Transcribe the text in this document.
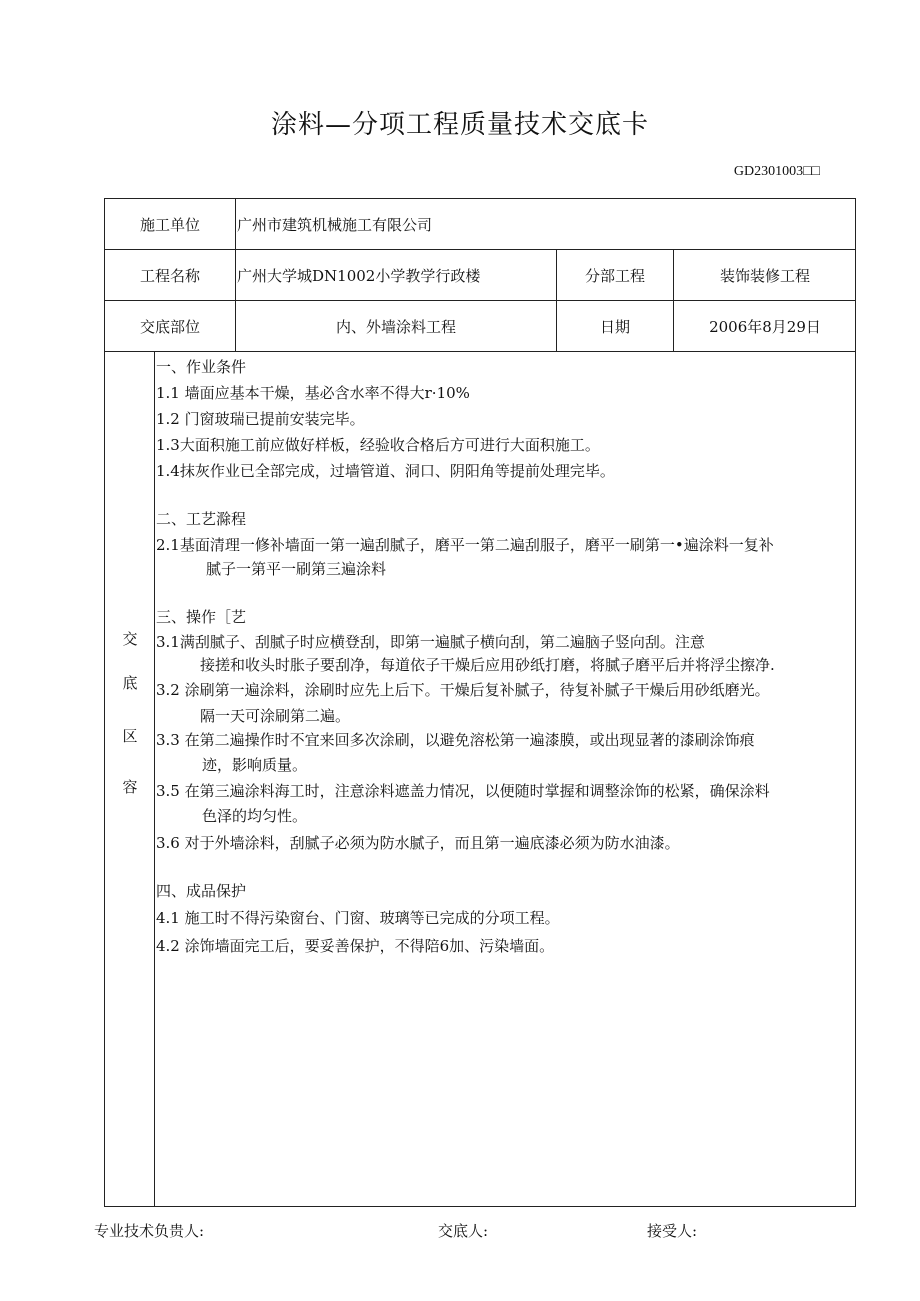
涂料—分项工程质量技术交底卡
GD2301003□□
施工单位	广州市建筑机械施工有限公司
工程名称	广州大学城DN1002小学教学行政楼	分部工程	装饰装修工程
交底部位	内、外墙涂料工程	日期	2006年8月29日
交
底
区
容
一、作业条件
1.1 墙面应基本干燥，基必含水率不得大r·10%
1.2 门窗玻瑞已提前安装完毕。
1.3大面积施工前应做好样板，经验收合格后方可进行大面积施工。
1.4抹灰作业已全部完成，过墙管道、洞口、阴阳角等提前处理完毕。
二、工艺滁程
2.1基面清理一修补墙面一第一遍刮腻子，磨平一第二遍刮服子，磨平一刷第一•遍涂料一复补
腻子一第平一刷第三遍涂料
三、操作［艺
3.1满刮腻子、刮腻子时应横登刮，即第一遍腻子横向刮，第二遍脑子竖向刮。注意
接搓和收头时胀子要刮净，每道依子干燥后应用砂纸打磨，将腻子磨平后并将浮尘擦净.
3.2 涂刷第一遍涂料，涂刷时应先上后下。干燥后复补腻子，待复补腻子干燥后用砂纸磨光。
隔一天可涂刷第二遍。
3.3 在第二遍操作时不宜来回多次涂刷，以避免溶松第一遍漆膜，或出现显著的漆刷涂饰痕
迹，影响质量。
3.5 在第三遍涂料海工时，注意涂料遮盖力情况，以便随时掌握和调整涂饰的松紧，确保涂料
色泽的均匀性。
3.6 对于外墙涂料，刮腻子必须为防水腻子，而且第一遍底漆必须为防水油漆。
四、成品保护
4.1 施工时不得污染窗台、门窗、玻璃等已完成的分项工程。
4.2 涂饰墙面完工后，要妥善保护，不得陪6加、污染墙面。
专业技术负贵人:	交底人:	接受人:
